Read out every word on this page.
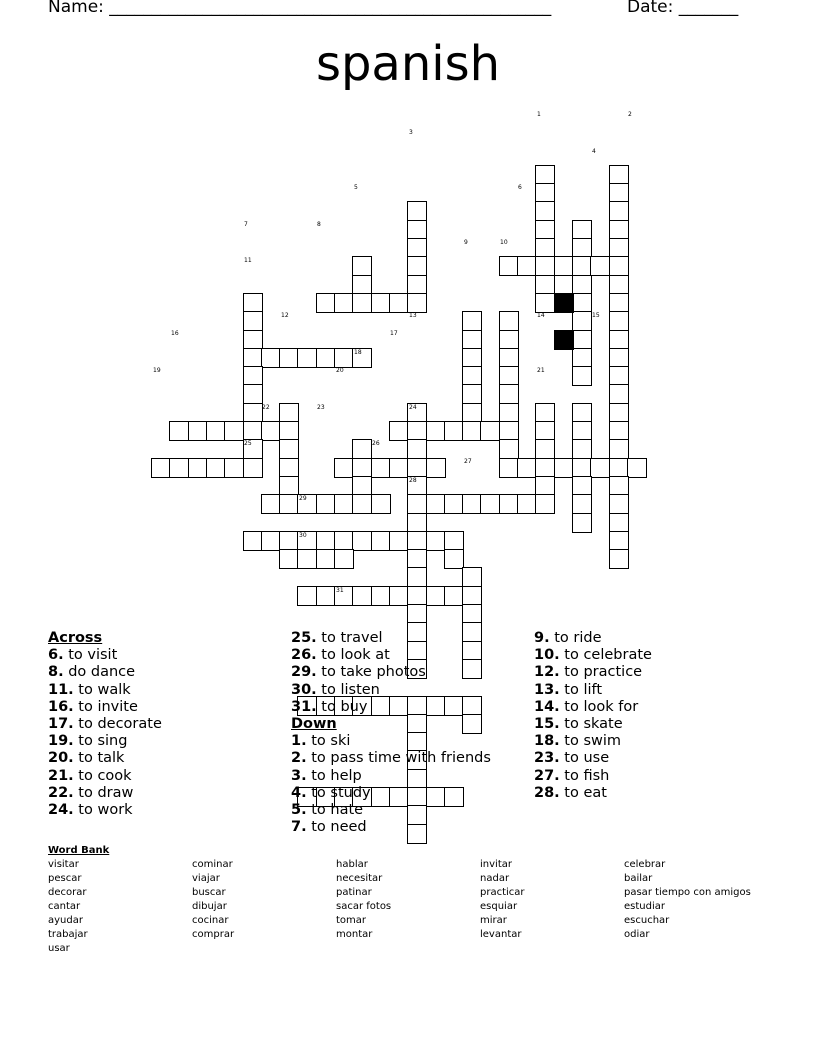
Name: ____________________________________________________	Date: _______
spanish
1	2
3
4
5	6
7	8
9	10
11
12	13	14	15
16	17
18
19	20	21
22	23	24
25	26
27
28
29
30
31
Across
6. to visit
8. do dance
11. to walk
16. to invite
17. to decorate
19. to sing
20. to talk
21. to cook
22. to draw
24. to work
25. to travel
26. to look at
29. to take photos
30. to listen
31. to buy
Down
1. to ski
2. to pass time with friends
3. to help
4. to study
5. to hate
7. to need
9. to ride
10. to celebrate
12. to practice
13. to lift
14. to look for
15. to skate
18. to swim
23. to use
27. to fish
28. to eat
Word Bank
visitar	cominar	hablar	invitar	celebrar
pescar	viajar	necesitar	nadar	bailar
decorar	buscar	patinar	practicar	pasar tiempo con amigos
cantar	dibujar	sacar fotos	esquiar	estudiar
ayudar	cocinar	tomar	mirar	escuchar
trabajar	comprar	montar	levantar	odiar
usar
